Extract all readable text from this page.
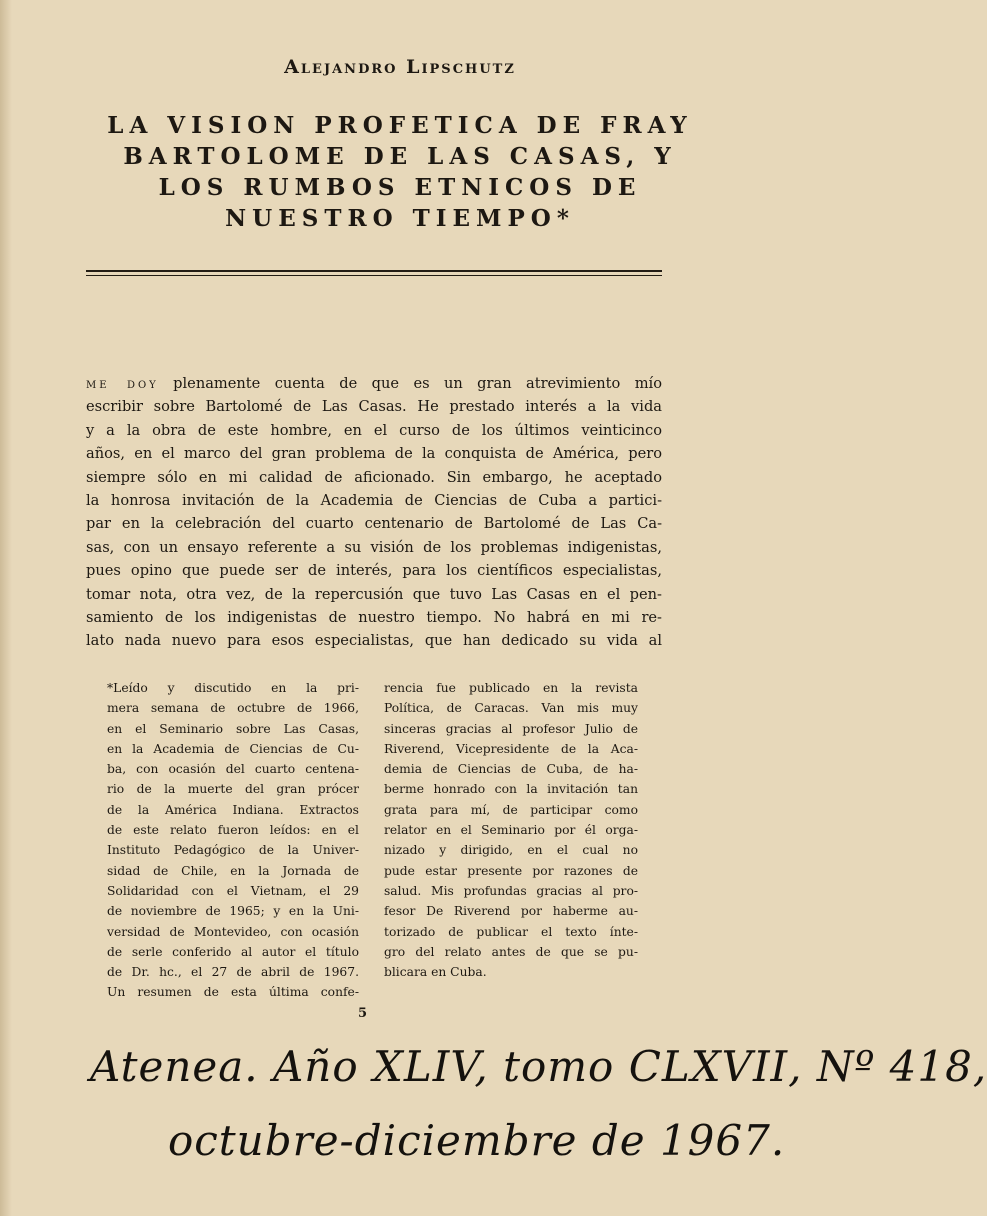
Alejandro Lipschutz
LA VISION PROFETICA DE FRAY
BARTOLOME DE LAS CASAS, Y
LOS RUMBOS ETNICOS DE
NUESTRO TIEMPO*
me doy plenamente cuenta de que es un gran atrevimiento mío
escribir sobre Bartolomé de Las Casas. He prestado interés a la vida
y a la obra de este hombre, en el curso de los últimos veinticinco
años, en el marco del gran problema de la conquista de América, pero
siempre sólo en mi calidad de aficionado. Sin embargo, he aceptado
la honrosa invitación de la Academia de Ciencias de Cuba a partici-
par en la celebración del cuarto centenario de Bartolomé de Las Ca-
sas, con un ensayo referente a su visión de los problemas indigenistas,
pues opino que puede ser de interés, para los científicos especialistas,
tomar nota, otra vez, de la repercusión que tuvo Las Casas en el pen-
samiento de los indigenistas de nuestro tiempo. No habrá en mi re-
lato nada nuevo para esos especialistas, que han dedicado su vida al
*Leído y discutido en la pri-
mera semana de octubre de 1966,
en el Seminario sobre Las Casas,
en la Academia de Ciencias de Cu-
ba, con ocasión del cuarto centena-
rio de la muerte del gran prócer
de la América Indiana. Extractos
de este relato fueron leídos: en el
Instituto Pedagógico de la Univer-
sidad de Chile, en la Jornada de
Solidaridad con el Vietnam, el 29
de noviembre de 1965; y en la Uni-
versidad de Montevideo, con ocasión
de serle conferido al autor el título
de Dr. hc., el 27 de abril de 1967.
Un resumen de esta última confe-
rencia fue publicado en la revista
Política, de Caracas. Van mis muy
sinceras gracias al profesor Julio de
Riverend, Vicepresidente de la Aca-
demia de Ciencias de Cuba, de ha-
berme honrado con la invitación tan
grata para mí, de participar como
relator en el Seminario por él orga-
nizado y dirigido, en el cual no
pude estar presente por razones de
salud. Mis profundas gracias al pro-
fesor De Riverend por haberme au-
torizado de publicar el texto ínte-
gro del relato antes de que se pu-
blicara en Cuba.
5
Atenea. Año XLIV, tomo CLXVII, Nº 418,
octubre-diciembre de 1967.
